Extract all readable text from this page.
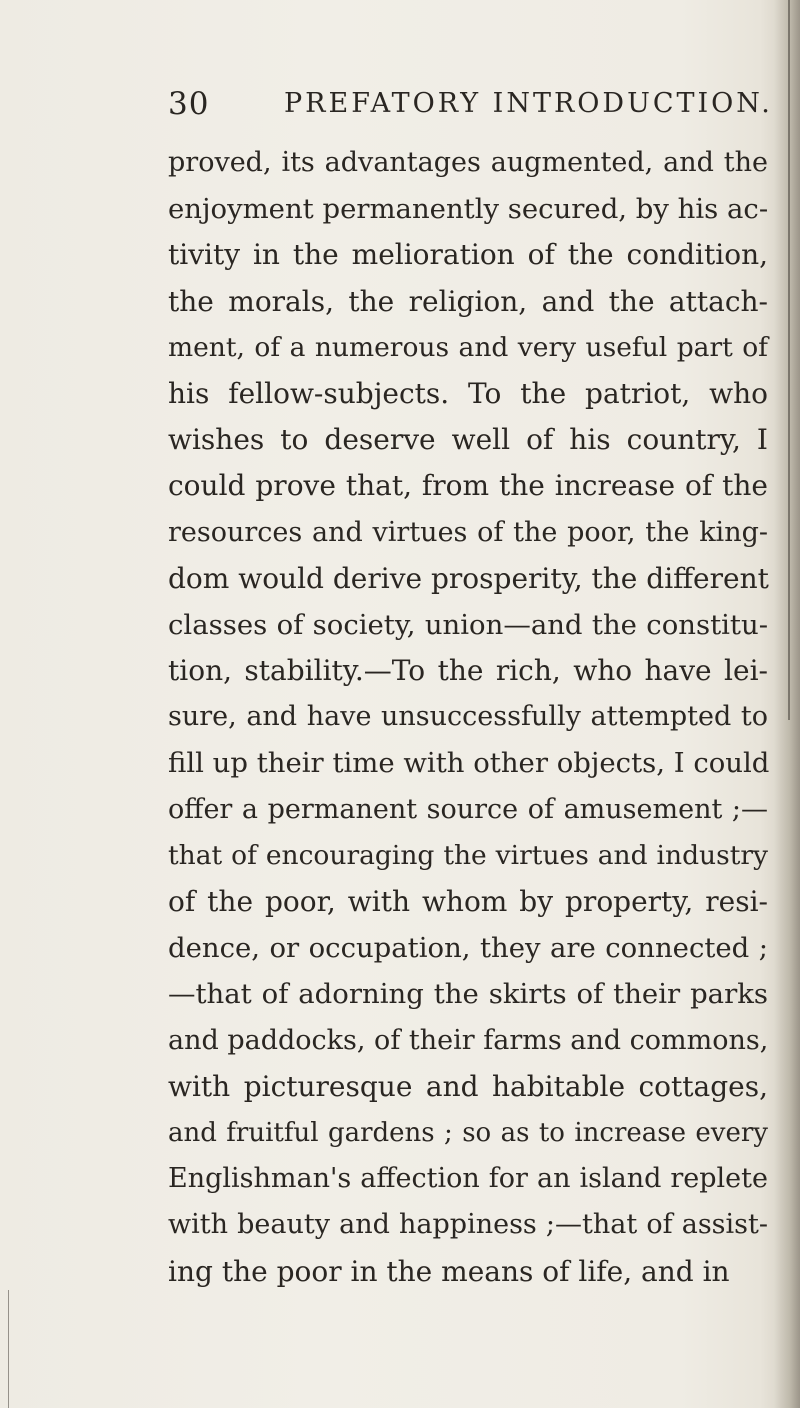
30	PREFATORY INTRODUCTION.
proved, its advantages augmented, and the
enjoyment permanently secured, by his ac-
tivity in the melioration of the condition,
the morals, the religion, and the attach-
ment, of a numerous and very useful part of
his fellow-subjects. To the patriot, who
wishes to deserve well of his country, I
could prove that, from the increase of the
resources and virtues of the poor, the king-
dom would derive prosperity, the different
classes of society, union—and the constitu-
tion, stability.—To the rich, who have lei-
sure, and have unsuccessfully attempted to
fill up their time with other objects, I could
offer a permanent source of amusement ;—
that of encouraging the virtues and industry
of the poor, with whom by property, resi-
dence, or occupation, they are connected ;
—that of adorning the skirts of their parks
and paddocks, of their farms and commons,
with picturesque and habitable cottages,
and fruitful gardens ; so as to increase every
Englishman's affection for an island replete
with beauty and happiness ;—that of assist-
ing the poor in the means of life, and in
